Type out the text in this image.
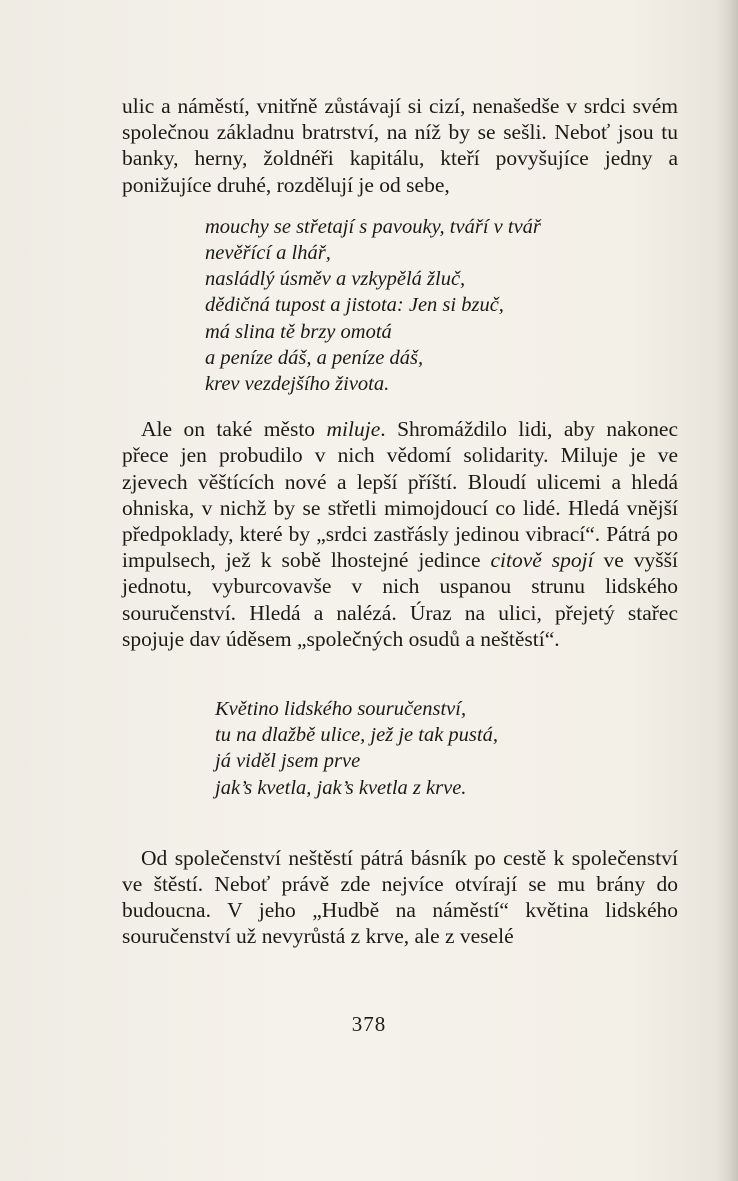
ulic a náměstí, vnitřně zůstávají si cizí, nenašedše v srdci svém společnou základnu bratrství, na níž by se sešli. Neboť jsou tu banky, herny, žoldnéři kapitálu, kteří povyšujíce jedny a ponižujíce druhé, rozdělují je od sebe,

mouchy se střetají s pavouky, tváří v tvář
nevěřící a lhář,
nasládlý úsměv a vzkypělá žluč,
dědičná tupost a jistota: Jen si bzuč,
má slina tě brzy omotá
a peníze dáš, a peníze dáš,
krev vezdejšího života.

Ale on také město miluje. Shromáždilo lidi, aby nakonec přece jen probudilo v nich vědomí solidarity. Miluje je ve zjevech věštících nové a lepší příští. Bloudí ulicemi a hledá ohniska, v nichž by se střetli mimojdoucí co lidé. Hledá vnější předpoklady, které by „srdci zastřásly jedinou vibrací“. Pátrá po impulsech, jež k sobě lhostejné jedince citově spojí ve vyšší jednotu, vyburcovavše v nich uspanou strunu lidského souručenství. Hledá a nalézá. Úraz na ulici, přejetý stařec spojuje dav úděsem „společných osudů a neštěstí“.

Květino lidského souručenství,
tu na dlažbě ulice, jež je tak pustá,
já viděl jsem prve
jak’s kvetla, jak’s kvetla z krve.

Od společenství neštěstí pátrá básník po cestě k společenství ve štěstí. Neboť právě zde nejvíce otvírají se mu brány do budoucna. V jeho „Hudbě na náměstí“ květina lidského souručenství už nevyrůstá z krve, ale z veselé

378
